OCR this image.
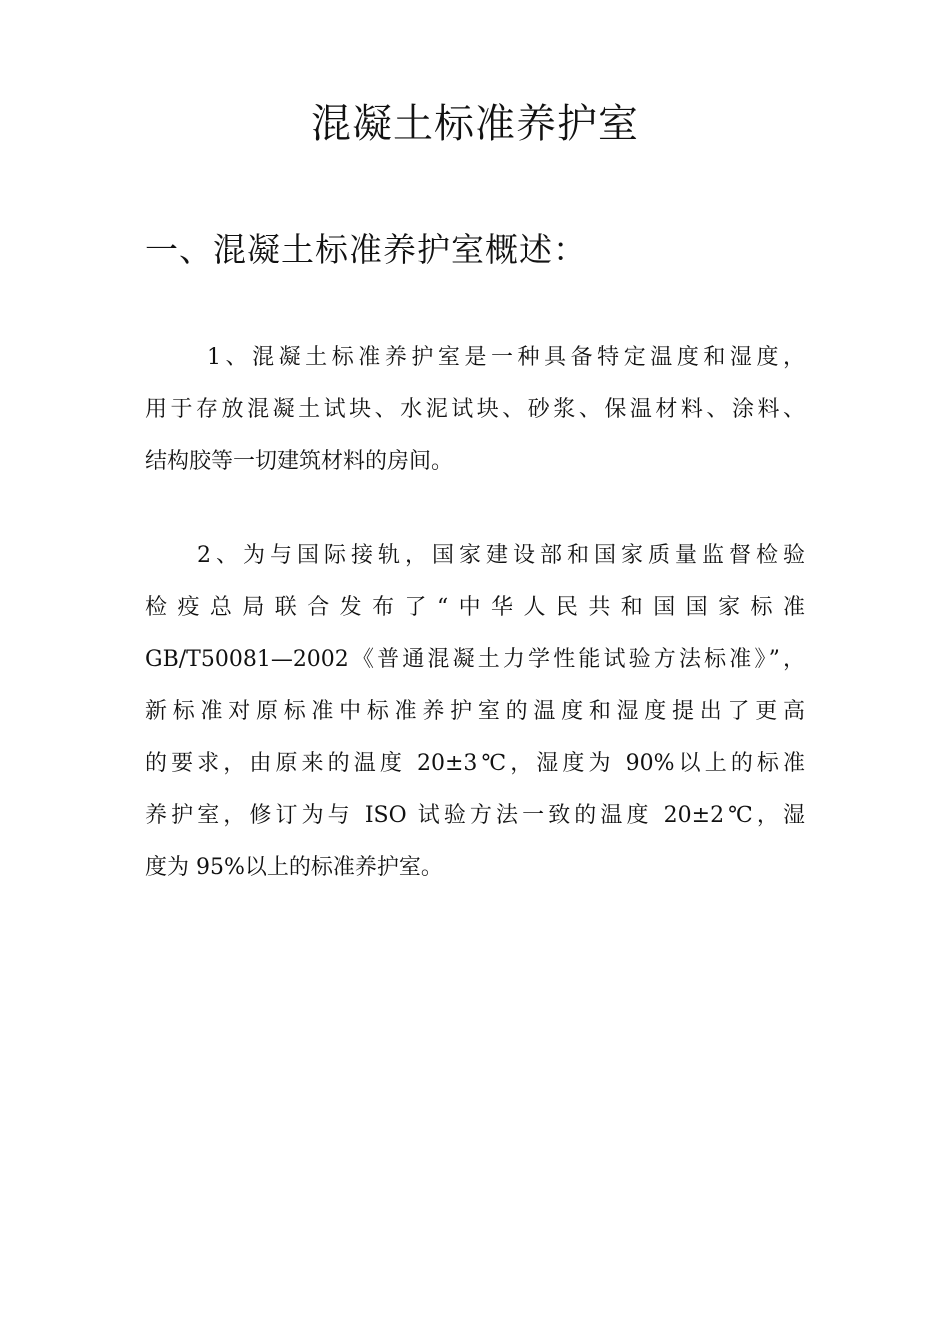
混凝土标准养护室
一、混凝土标准养护室概述：

1、混凝土标准养护室是一种具备特定温度和湿度，
用于存放混凝土试块、水泥试块、砂浆、保温材料、涂料、
结构胶等一切建筑材料的房间。

2、为与国际接轨，国家建设部和国家质量监督检验
检疫总局联合发布了“中华人民共和国国家标准
GB/T50081—2002《普通混凝土力学性能试验方法标准》”，
新标准对原标准中标准养护室的温度和湿度提出了更高
的要求，由原来的温度 20±3℃，湿度为 90%以上的标准
养护室，修订为与 ISO 试验方法一致的温度 20±2℃，湿
度为 95%以上的标准养护室。
